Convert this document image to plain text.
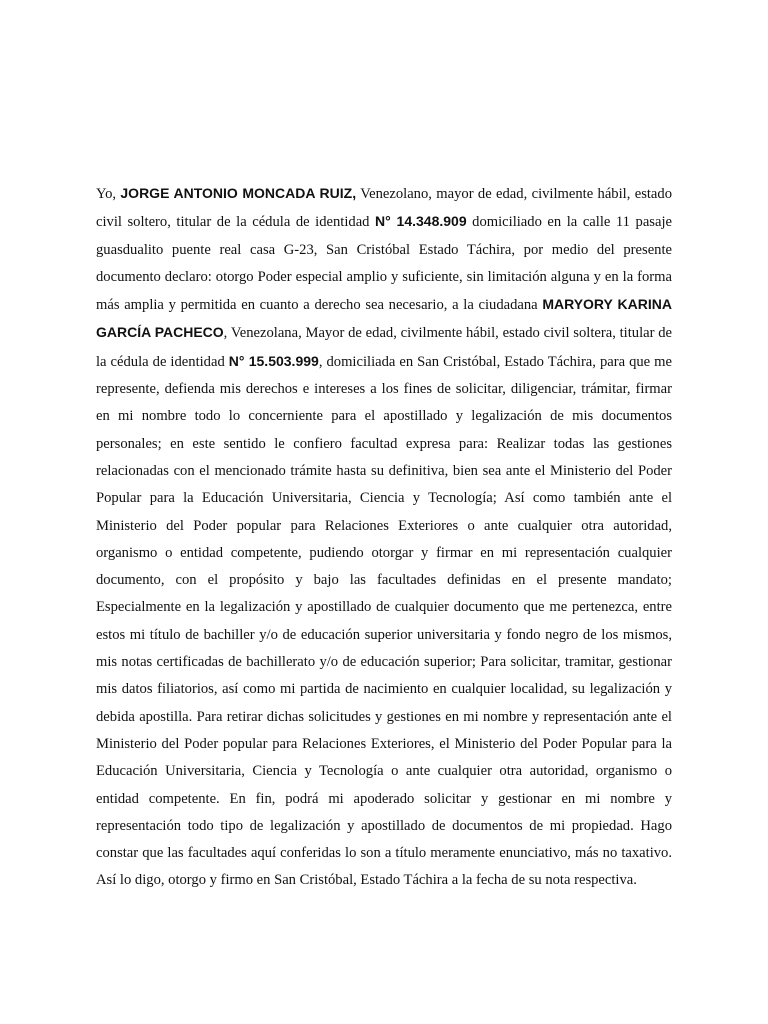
Yo, JORGE ANTONIO MONCADA RUIZ, Venezolano, mayor de edad, civilmente hábil, estado civil soltero, titular de la cédula de identidad N° 14.348.909 domiciliado en la calle 11 pasaje guasdualito puente real casa G-23, San Cristóbal Estado Táchira, por medio del presente documento declaro: otorgo Poder especial amplio y suficiente, sin limitación alguna y en la forma más amplia y permitida en cuanto a derecho sea necesario, a la ciudadana MARYORY KARINA GARCÍA PACHECO, Venezolana, Mayor de edad, civilmente hábil, estado civil soltera, titular de la cédula de identidad N° 15.503.999, domiciliada en San Cristóbal, Estado Táchira, para que me represente, defienda mis derechos e intereses a los fines de solicitar, diligenciar, trámitar, firmar en mi nombre todo lo concerniente para el apostillado y legalización de mis documentos personales; en este sentido le confiero facultad expresa para: Realizar todas las gestiones relacionadas con el mencionado trámite hasta su definitiva, bien sea ante el Ministerio del Poder Popular para la Educación Universitaria, Ciencia y Tecnología; Así como también ante el Ministerio del Poder popular para Relaciones Exteriores o ante cualquier otra autoridad, organismo o entidad competente, pudiendo otorgar y firmar en mi representación cualquier documento, con el propósito y bajo las facultades definidas en el presente mandato; Especialmente en la legalización y apostillado de cualquier documento que me pertenezca, entre estos mi título de bachiller y/o de educación superior universitaria y fondo negro de los mismos, mis notas certificadas de bachillerato y/o de educación superior; Para solicitar, tramitar, gestionar mis datos filiatorios, así como mi partida de nacimiento en cualquier localidad, su legalización y debida apostilla. Para retirar dichas solicitudes y gestiones en mi nombre y representación ante el Ministerio del Poder popular para Relaciones Exteriores, el Ministerio del Poder Popular para la Educación Universitaria, Ciencia y Tecnología o ante cualquier otra autoridad, organismo o entidad competente. En fin, podrá mi apoderado solicitar y gestionar en mi nombre y representación todo tipo de legalización y apostillado de documentos de mi propiedad. Hago constar que las facultades aquí conferidas lo son a título meramente enunciativo, más no taxativo. Así lo digo, otorgo y firmo en San Cristóbal, Estado Táchira a la fecha de su nota respectiva.
